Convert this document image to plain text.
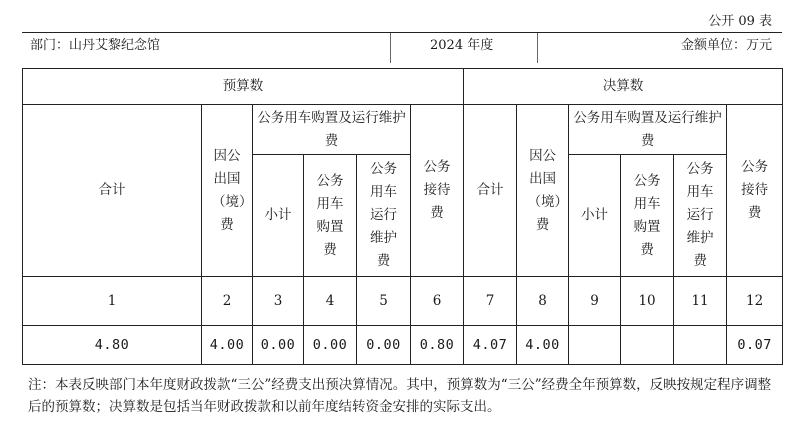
公开 09 表
部门：山丹艾黎纪念馆	2024 年度	金额单位：万元
预算数						决算数					
合计	因公出国（境）费	公务用车购置及运行维护费			公务接待费	合计	因公出国（境）费	公务用车购置及运行维护费			公务接待费

		小计	公务用车购置费	公务用车运行维护费				小计	公务用车购置费	公务用车运行维护费	

1	2	3	4	5	6	7	8	9	10	11	12
4.80	4.00	0.00	0.00	0.00	0.80	4.07	4.00				0.07
注：本表反映部门本年度财政拨款“三公”经费支出预决算情况。其中，预算数为“三公”经费全年预算数，反映按规定程序调整后的预算数；决算数是包括当年财政拨款和以前年度结转资金安排的实际支出。
